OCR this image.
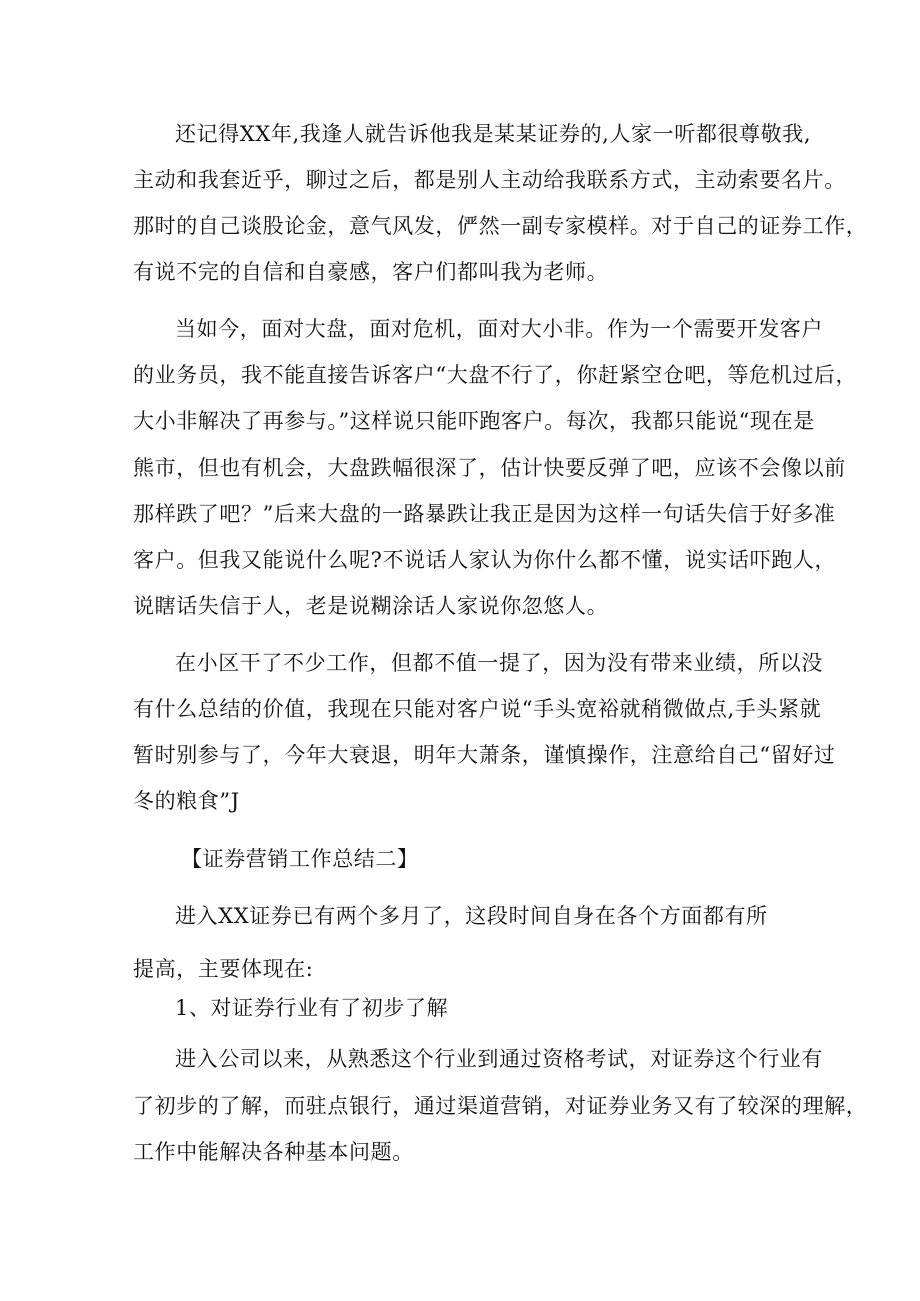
还记得XX年,我逢人就告诉他我是某某证券的,人家一听都很尊敬我,

主动和我套近乎，聊过之后，都是别人主动给我联系方式，主动索要名片。

那时的自己谈股论金，意气风发，俨然一副专家模样。对于自己的证券工作，

有说不完的自信和自豪感，客户们都叫我为老师。

当如今，面对大盘，面对危机，面对大小非。作为一个需要开发客户

的业务员，我不能直接告诉客户“大盘不行了，你赶紧空仓吧，等危机过后，

大小非解决了再参与。”这样说只能吓跑客户。每次，我都只能说“现在是

熊市，但也有机会，大盘跌幅很深了，估计快要反弹了吧，应该不会像以前

那样跌了吧？”后来大盘的一路暴跌让我正是因为这样一句话失信于好多准

客户。但我又能说什么呢?不说话人家认为你什么都不懂，说实话吓跑人，

说瞎话失信于人，老是说糊涂话人家说你忽悠人。

在小区干了不少工作，但都不值一提了，因为没有带来业绩，所以没

有什么总结的价值，我现在只能对客户说“手头宽裕就稍微做点,手头紧就

暂时别参与了，今年大衰退，明年大萧条，谨慎操作，注意给自己“留好过

冬的粮食”J

【证券营销工作总结二】

进入XX证券已有两个多月了，这段时间自身在各个方面都有所

提高，主要体现在:

1、对证券行业有了初步了解

进入公司以来，从熟悉这个行业到通过资格考试，对证券这个行业有

了初步的了解，而驻点银行，通过渠道营销，对证券业务又有了较深的理解，

工作中能解决各种基本问题。
